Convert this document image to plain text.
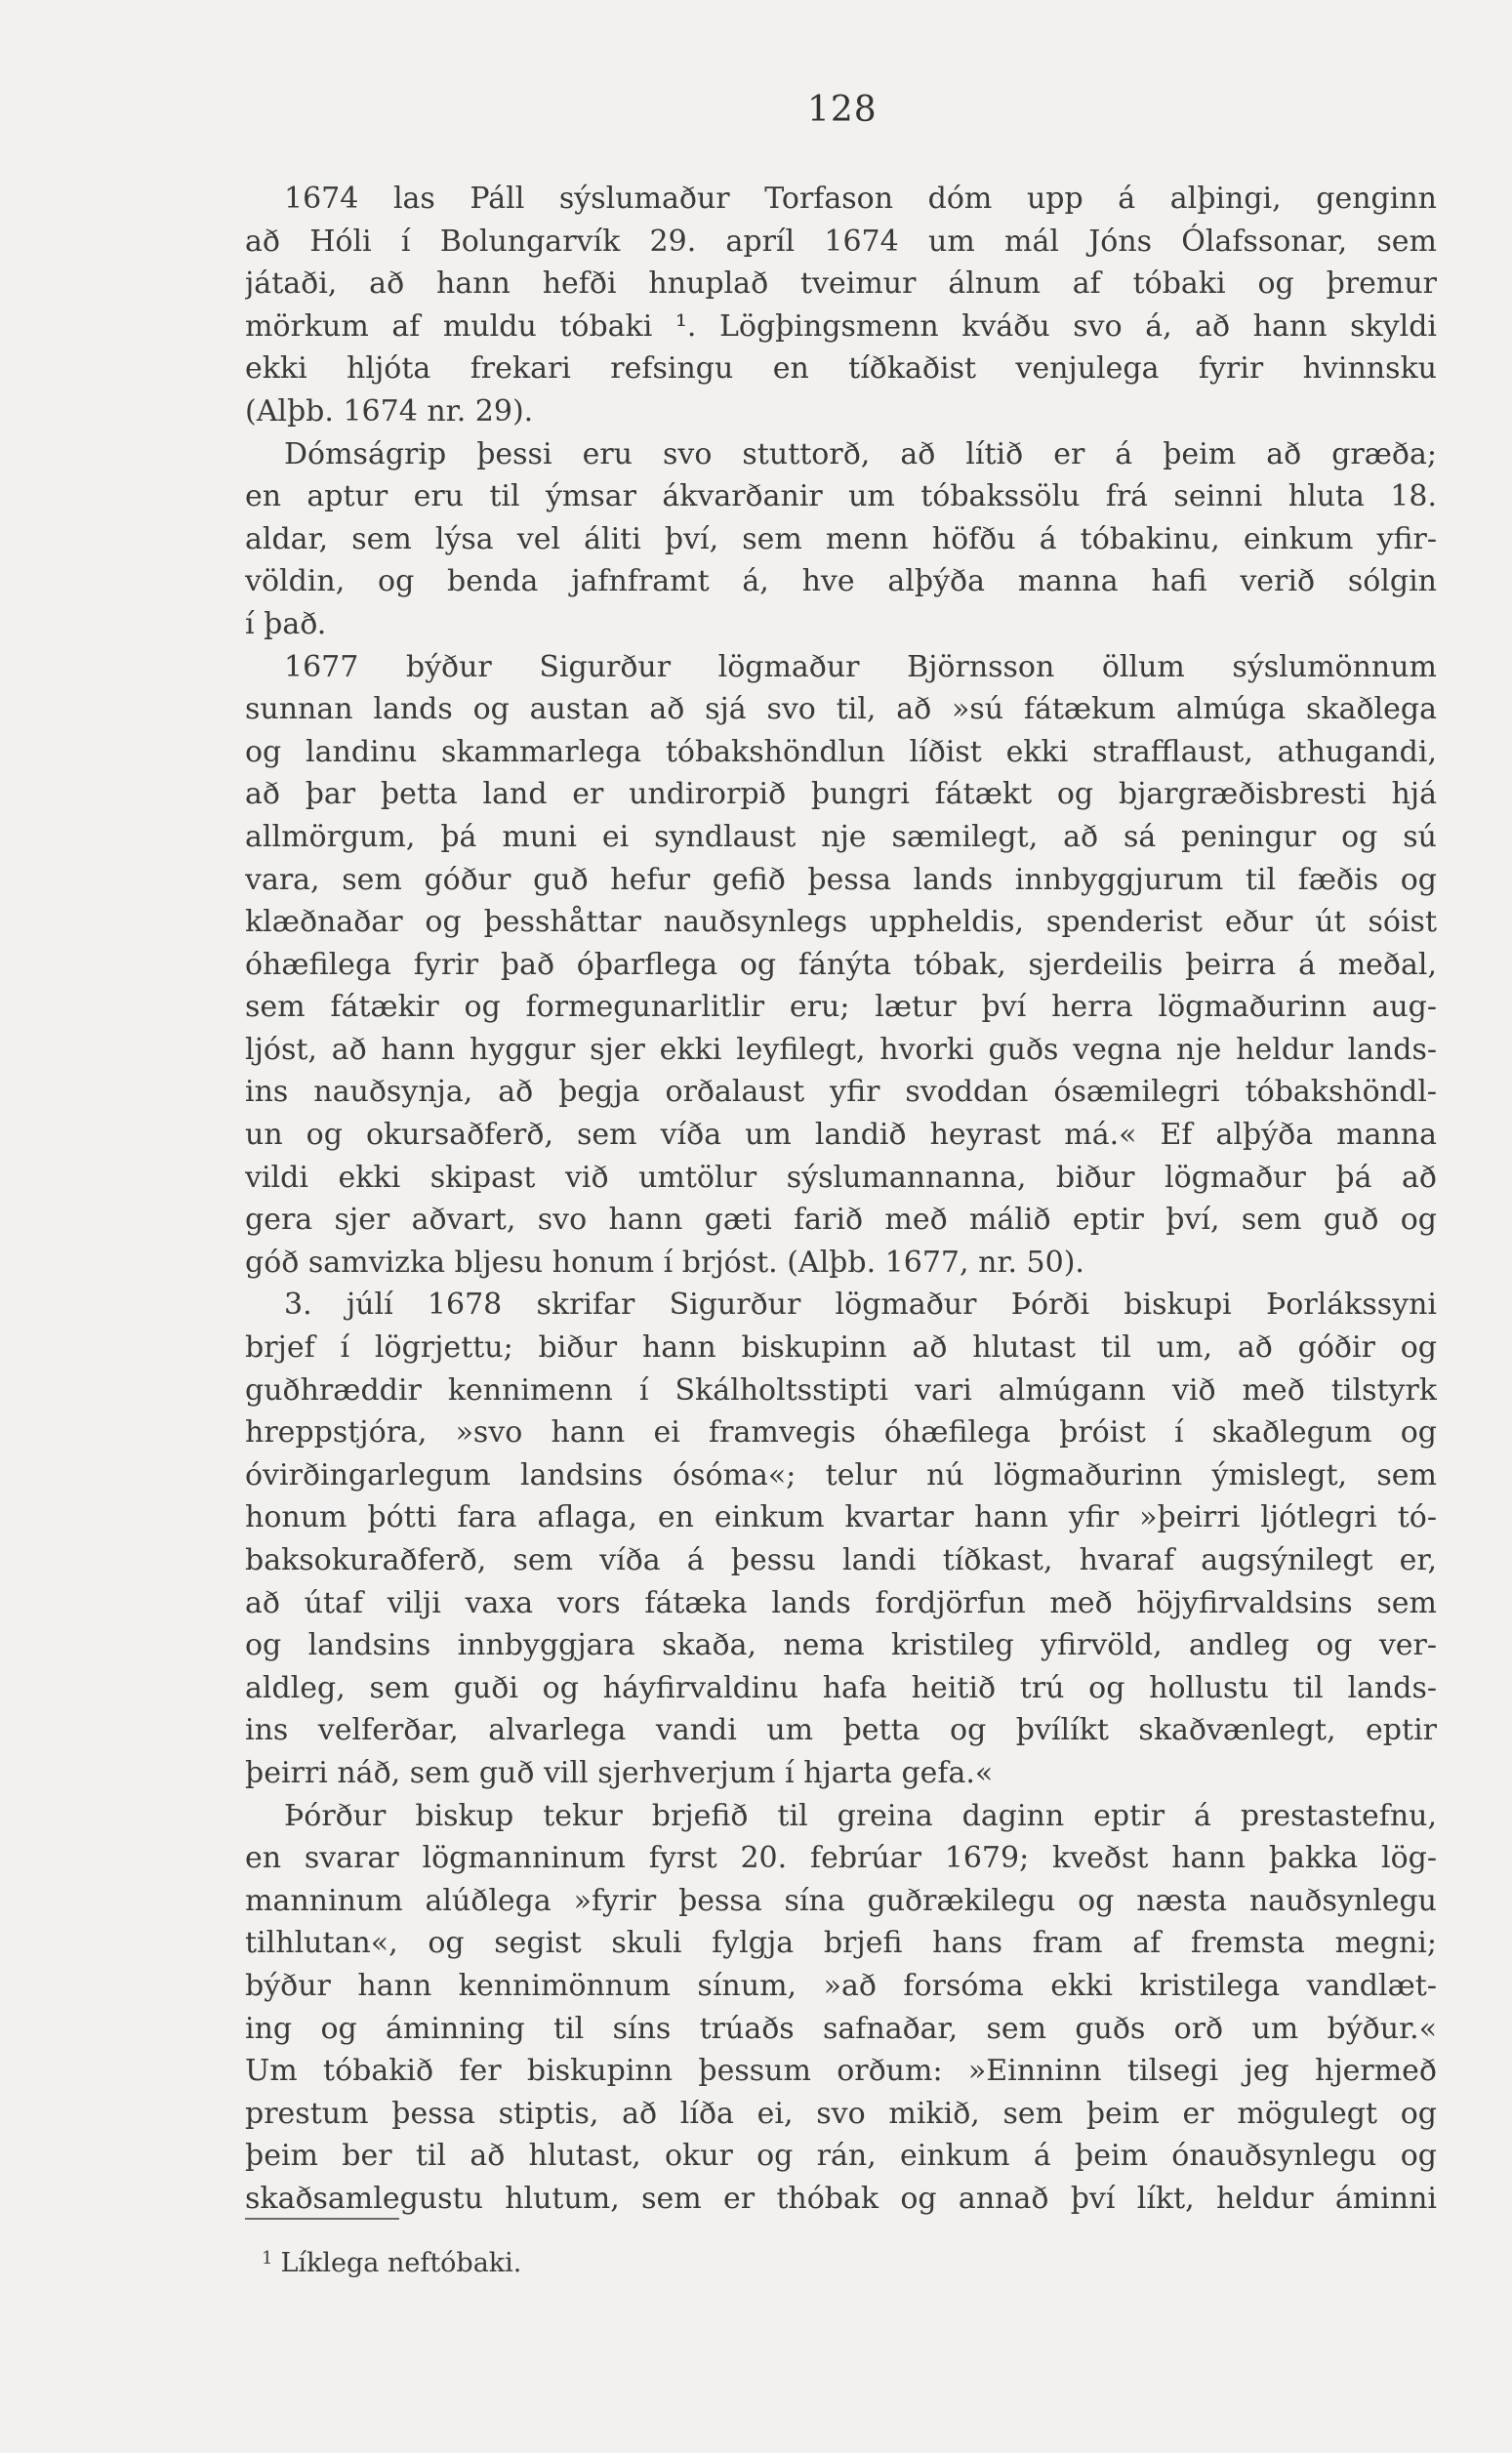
128
1674 las Páll sýslumaður Torfason dóm upp á alþingi, genginn
að Hóli í Bolungarvík 29. apríl 1674 um mál Jóns Ólafssonar, sem
játaði, að hann hefði hnuplað tveimur álnum af tóbaki og þremur
mörkum af muldu tóbaki ¹. Lögþingsmenn kváðu svo á, að hann skyldi
ekki hljóta frekari refsingu en tíðkaðist venjulega fyrir hvinnsku
(Alþb. 1674 nr. 29).
Dómságrip þessi eru svo stuttorð, að lítið er á þeim að græða;
en aptur eru til ýmsar ákvarðanir um tóbakssölu frá seinni hluta 18.
aldar, sem lýsa vel áliti því, sem menn höfðu á tóbakinu, einkum yfir-
völdin, og benda jafnframt á, hve alþýða manna hafi verið sólgin
í það.
1677 býður Sigurður lögmaður Björnsson öllum sýslumönnum
sunnan lands og austan að sjá svo til, að »sú fátækum almúga skaðlega
og landinu skammarlega tóbakshöndlun líðist ekki strafflaust, athugandi,
að þar þetta land er undirorpið þungri fátækt og bjargræðisbresti hjá
allmörgum, þá muni ei syndlaust nje sæmilegt, að sá peningur og sú
vara, sem góður guð hefur gefið þessa lands innbyggjurum til fæðis og
klæðnaðar og þesshåttar nauðsynlegs uppheldis, spenderist eður út sóist
óhæfilega fyrir það óþarflega og fánýta tóbak, sjerdeilis þeirra á meðal,
sem fátækir og formegunarlitlir eru; lætur því herra lögmaðurinn aug-
ljóst, að hann hyggur sjer ekki leyfilegt, hvorki guðs vegna nje heldur lands-
ins nauðsynja, að þegja orðalaust yfir svoddan ósæmilegri tóbakshöndl-
un og okursaðferð, sem víða um landið heyrast má.« Ef alþýða manna
vildi ekki skipast við umtölur sýslumannanna, biður lögmaður þá að
gera sjer aðvart, svo hann gæti farið með málið eptir því, sem guð og
góð samvizka bljesu honum í brjóst. (Alþb. 1677, nr. 50).
3. júlí 1678 skrifar Sigurður lögmaður Þórði biskupi Þorlákssyni
brjef í lögrjettu; biður hann biskupinn að hlutast til um, að góðir og
guðhræddir kennimenn í Skálholtsstipti vari almúgann við með tilstyrk
hreppstjóra, »svo hann ei framvegis óhæfilega þróist í skaðlegum og
óvirðingarlegum landsins ósóma«; telur nú lögmaðurinn ýmislegt, sem
honum þótti fara aflaga, en einkum kvartar hann yfir »þeirri ljótlegri tó-
baksokuraðferð, sem víða á þessu landi tíðkast, hvaraf augsýnilegt er,
að útaf vilji vaxa vors fátæka lands fordjörfun með höjyfirvaldsins sem
og landsins innbyggjara skaða, nema kristileg yfirvöld, andleg og ver-
aldleg, sem guði og háyfirvaldinu hafa heitið trú og hollustu til lands-
ins velferðar, alvarlega vandi um þetta og þvílíkt skaðvænlegt, eptir
þeirri náð, sem guð vill sjerhverjum í hjarta gefa.«
Þórður biskup tekur brjefið til greina daginn eptir á prestastefnu,
en svarar lögmanninum fyrst 20. febrúar 1679; kveðst hann þakka lög-
manninum alúðlega »fyrir þessa sína guðrækilegu og næsta nauðsynlegu
tilhlutan«, og segist skuli fylgja brjefi hans fram af fremsta megni;
býður hann kennimönnum sínum, »að forsóma ekki kristilega vandlæt-
ing og áminning til síns trúaðs safnaðar, sem guðs orð um býður.«
Um tóbakið fer biskupinn þessum orðum: »Einninn tilsegi jeg hjermeð
prestum þessa stiptis, að líða ei, svo mikið, sem þeim er mögulegt og
þeim ber til að hlutast, okur og rán, einkum á þeim ónauðsynlegu og
skaðsamlegustu hlutum, sem er thóbak og annað því líkt, heldur áminni
$^1$ Líklega neftóbaki.
